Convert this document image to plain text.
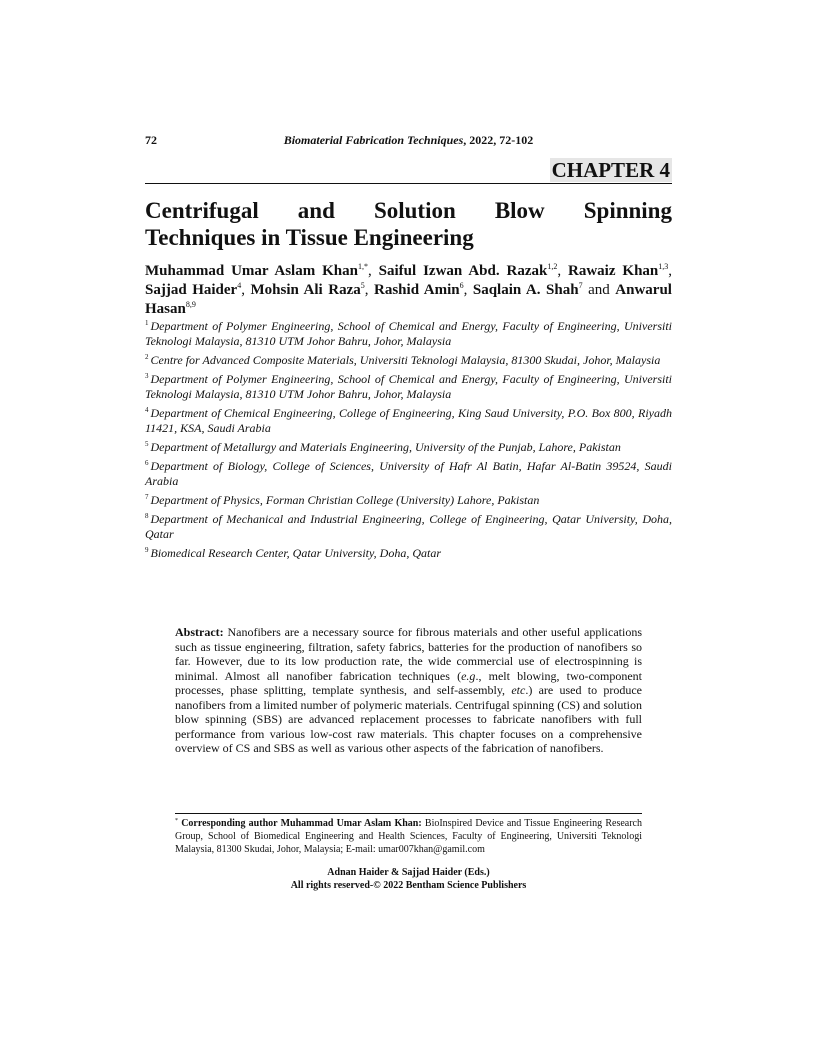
72	Biomaterial Fabrication Techniques, 2022, 72-102
CHAPTER 4
Centrifugal and Solution Blow Spinning
Techniques in Tissue Engineering
Muhammad Umar Aslam Khan$^{1,*}$, Saiful Izwan Abd. Razak$^{1,2}$, Rawaiz Khan$^{1,3}$, Sajjad Haider$^4$, Mohsin Ali Raza$^5$, Rashid Amin$^6$, Saqlain A. Shah$^7$ and Anwarul Hasan$^{8,9}$
$^1$ Department of Polymer Engineering, School of Chemical and Energy, Faculty of Engineering, Universiti Teknologi Malaysia, 81310 UTM Johor Bahru, Johor, Malaysia
$^2$ Centre for Advanced Composite Materials, Universiti Teknologi Malaysia, 81300 Skudai, Johor, Malaysia
$^3$ Department of Polymer Engineering, School of Chemical and Energy, Faculty of Engineering, Universiti Teknologi Malaysia, 81310 UTM Johor Bahru, Johor, Malaysia
$^4$ Department of Chemical Engineering, College of Engineering, King Saud University, P.O. Box 800, Riyadh 11421, KSA, Saudi Arabia
$^5$ Department of Metallurgy and Materials Engineering, University of the Punjab, Lahore, Pakistan
$^6$ Department of Biology, College of Sciences, University of Hafr Al Batin, Hafar Al-Batin 39524, Saudi Arabia
$^7$ Department of Physics, Forman Christian College (University) Lahore, Pakistan
$^8$ Department of Mechanical and Industrial Engineering, College of Engineering, Qatar University, Doha, Qatar
$^9$ Biomedical Research Center, Qatar University, Doha, Qatar
Abstract: Nanofibers are a necessary source for fibrous materials and other useful applications such as tissue engineering, filtration, safety fabrics, batteries for the production of nanofibers so far. However, due to its low production rate, the wide commercial use of electrospinning is minimal. Almost all nanofiber fabrication techniques (e.g., melt blowing, two-component processes, phase splitting, template synthesis, and self-assembly, etc.) are used to produce nanofibers from a limited number of polymeric materials. Centrifugal spinning (CS) and solution blow spinning (SBS) are advanced replacement processes to fabricate nanofibers with full performance from various low-cost raw materials. This chapter focuses on a comprehensive overview of CS and SBS as well as various other aspects of the fabrication of nanofibers.
* Corresponding author Muhammad Umar Aslam Khan: BioInspired Device and Tissue Engineering Research Group, School of Biomedical Engineering and Health Sciences, Faculty of Engineering, Universiti Teknologi Malaysia, 81300 Skudai, Johor, Malaysia; E-mail: umar007khan@gamil.com
Adnan Haider & Sajjad Haider (Eds.)
All rights reserved-© 2022 Bentham Science Publishers
